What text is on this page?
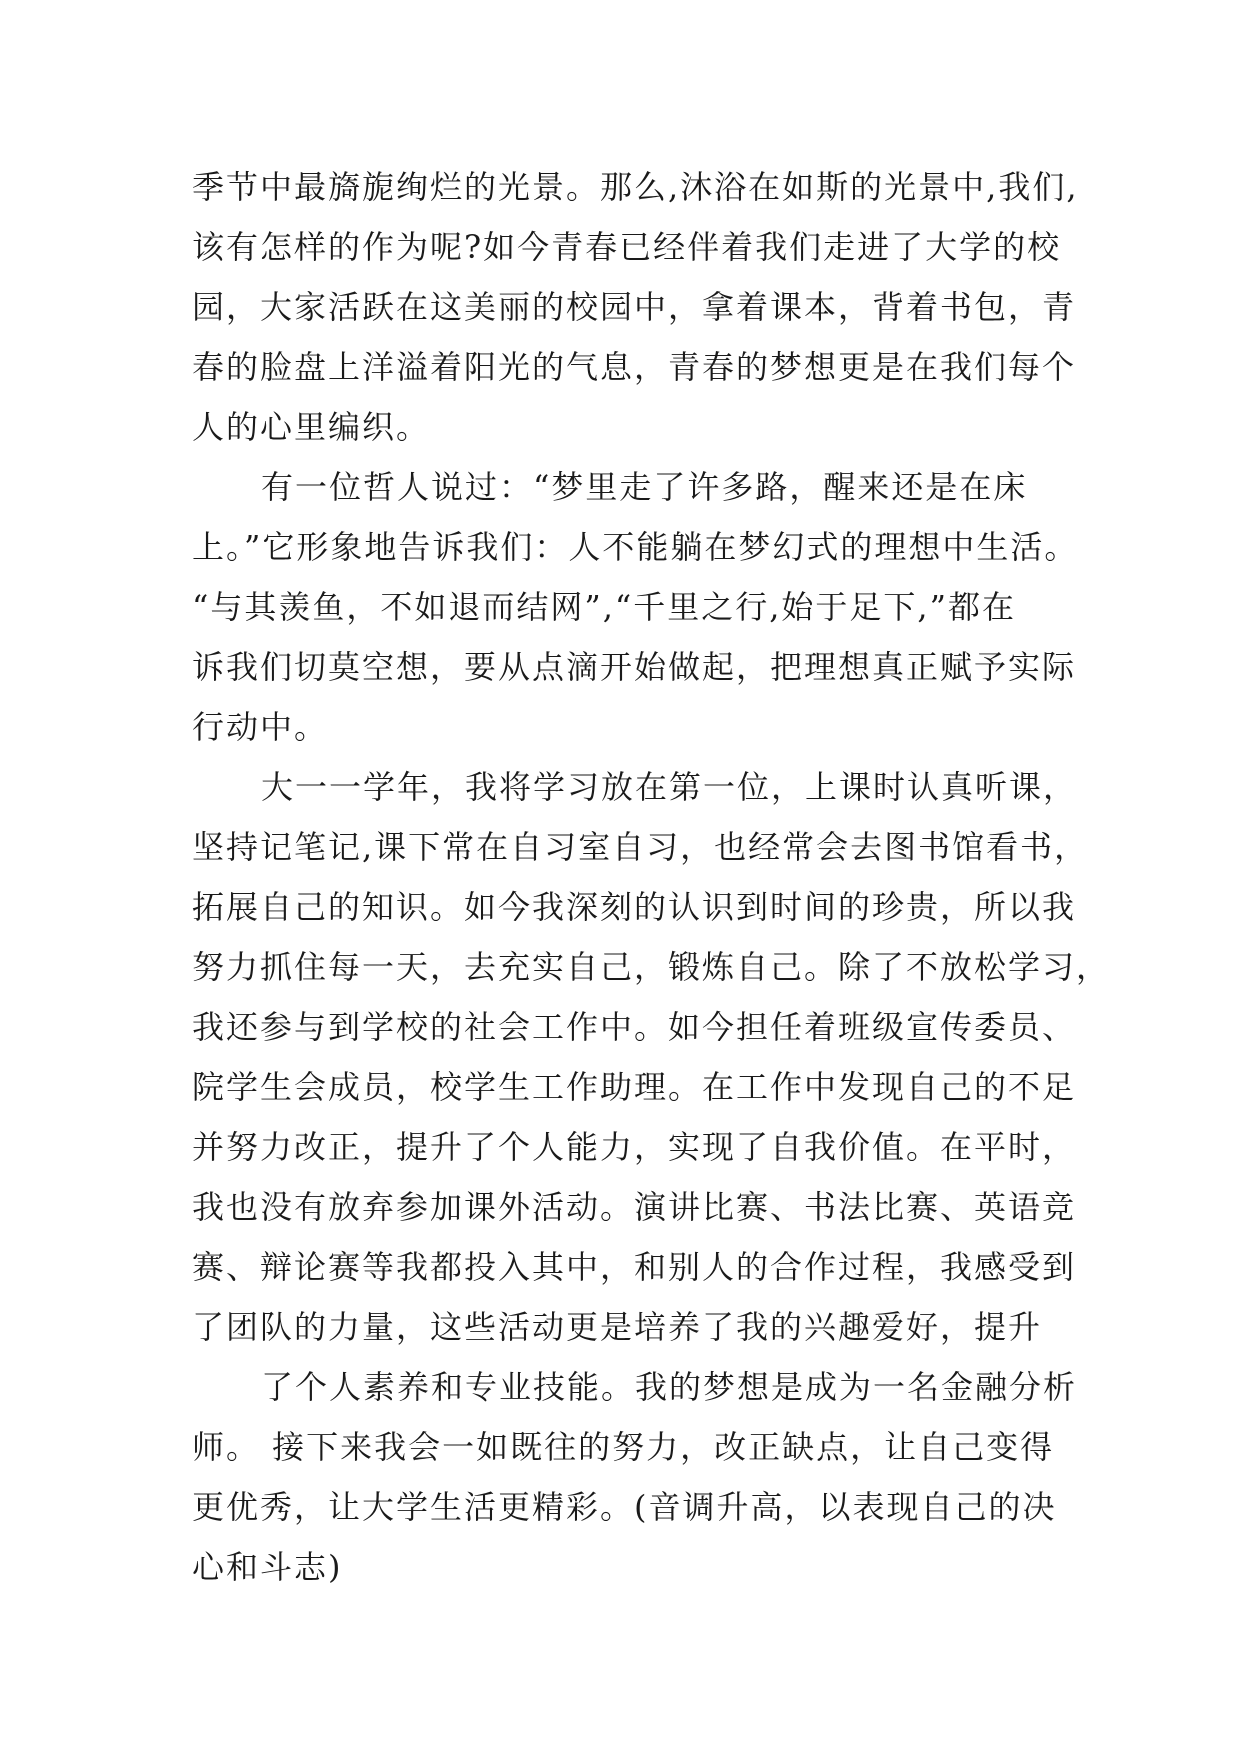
季节中最旖旎绚烂的光景。那么,沐浴在如斯的光景中,我们,
该有怎样的作为呢?如今青春已经伴着我们走进了大学的校
园，大家活跃在这美丽的校园中，拿着课本，背着书包，青
春的脸盘上洋溢着阳光的气息，青春的梦想更是在我们每个
人的心里编织。
有一位哲人说过：“梦里走了许多路，醒来还是在床
上。”它形象地告诉我们：人不能躺在梦幻式的理想中生活。
“与其羡鱼，不如退而结网”,“千里之行,始于足下,”都在
诉我们切莫空想，要从点滴开始做起，把理想真正赋予实际
行动中。
大一一学年，我将学习放在第一位，上课时认真听课，
坚持记笔记,课下常在自习室自习，也经常会去图书馆看书，
拓展自己的知识。如今我深刻的认识到时间的珍贵，所以我
努力抓住每一天，去充实自己，锻炼自己。除了不放松学习，
我还参与到学校的社会工作中。如今担任着班级宣传委员、
院学生会成员，校学生工作助理。在工作中发现自己的不足
并努力改正，提升了个人能力，实现了自我价值。在平时，
我也没有放弃参加课外活动。演讲比赛、书法比赛、英语竞
赛、辩论赛等我都投入其中，和别人的合作过程，我感受到
了团队的力量，这些活动更是培养了我的兴趣爱好，提升
了个人素养和专业技能。我的梦想是成为一名金融分析
师。 接下来我会一如既往的努力，改正缺点，让自己变得
更优秀，让大学生活更精彩。(音调升高，以表现自己的决
心和斗志)
